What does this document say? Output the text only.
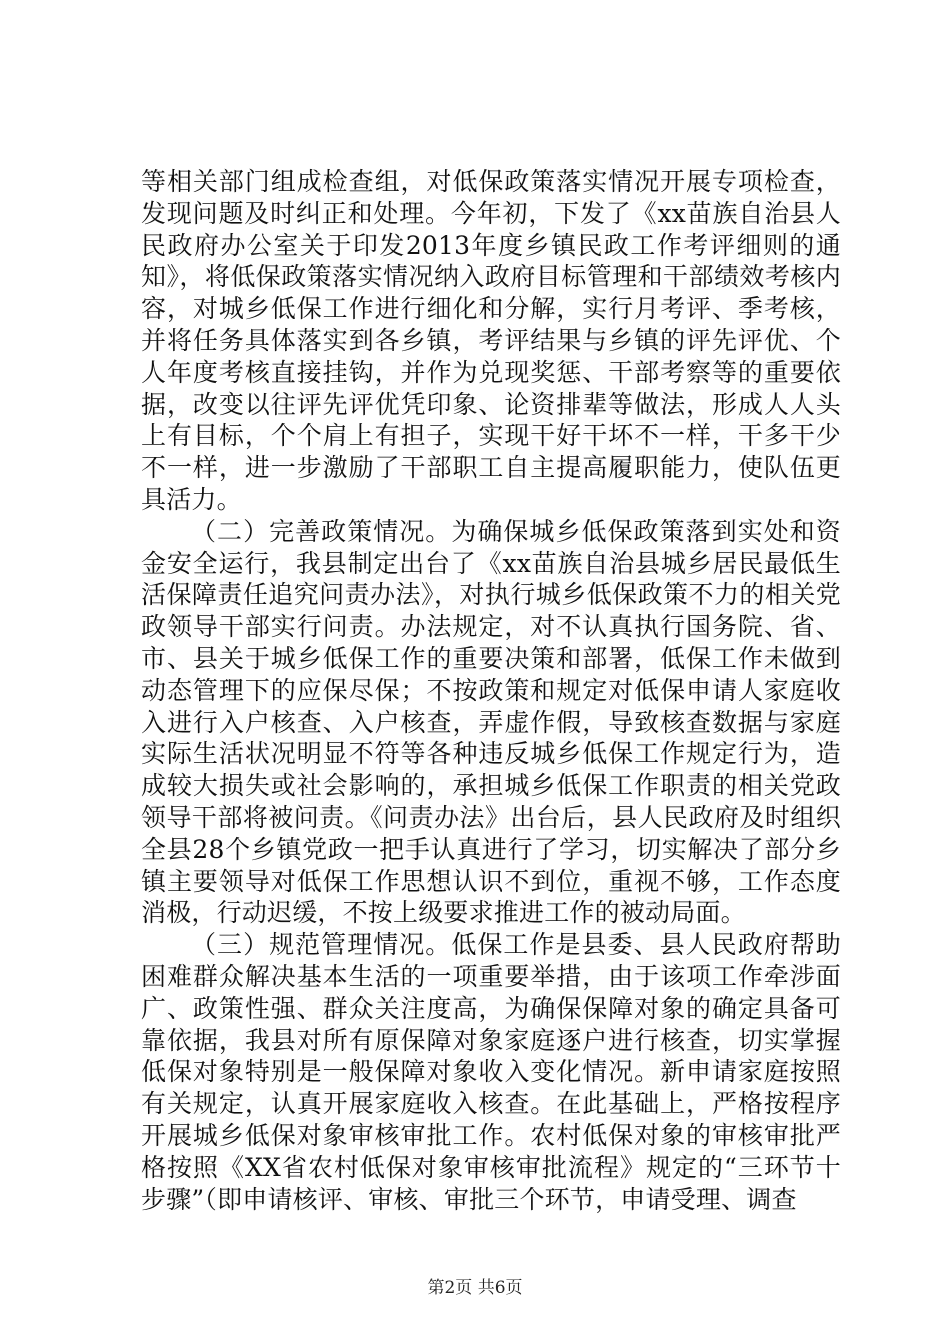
等相关部门组成检查组，对低保政策落实情况开展专项检查，发现问题及时纠正和处理。今年初，下发了《xx苗族自治县人民政府办公室关于印发2013年度乡镇民政工作考评细则的通知》，将低保政策落实情况纳入政府目标管理和干部绩效考核内容，对城乡低保工作进行细化和分解，实行月考评、季考核，并将任务具体落实到各乡镇，考评结果与乡镇的评先评优、个人年度考核直接挂钩，并作为兑现奖惩、干部考察等的重要依据，改变以往评先评优凭印象、论资排辈等做法，形成人人头上有目标，个个肩上有担子，实现干好干坏不一样，干多干少不一样，进一步激励了干部职工自主提高履职能力，使队伍更具活力。

（二）完善政策情况。为确保城乡低保政策落到实处和资金安全运行，我县制定出台了《xx苗族自治县城乡居民最低生活保障责任追究问责办法》，对执行城乡低保政策不力的相关党政领导干部实行问责。办法规定，对不认真执行国务院、省、市、县关于城乡低保工作的重要决策和部署，低保工作未做到动态管理下的应保尽保；不按政策和规定对低保申请人家庭收入进行入户核查、入户核查，弄虚作假，导致核查数据与家庭实际生活状况明显不符等各种违反城乡低保工作规定行为，造成较大损失或社会影响的，承担城乡低保工作职责的相关党政领导干部将被问责。《问责办法》出台后，县人民政府及时组织全县28个乡镇党政一把手认真进行了学习，切实解决了部分乡镇主要领导对低保工作思想认识不到位，重视不够，工作态度消极，行动迟缓，不按上级要求推进工作的被动局面。

（三）规范管理情况。低保工作是县委、县人民政府帮助困难群众解决基本生活的一项重要举措，由于该项工作牵涉面广、政策性强、群众关注度高，为确保保障对象的确定具备可靠依据，我县对所有原保障对象家庭逐户进行核查，切实掌握低保对象特别是一般保障对象收入变化情况。新申请家庭按照有关规定，认真开展家庭收入核查。在此基础上，严格按程序开展城乡低保对象审核审批工作。农村低保对象的审核审批严格按照《XX省农村低保对象审核审批流程》规定的“三环节十步骤”（即申请核评、审核、审批三个环节，申请受理、调查

第2页 共6页
